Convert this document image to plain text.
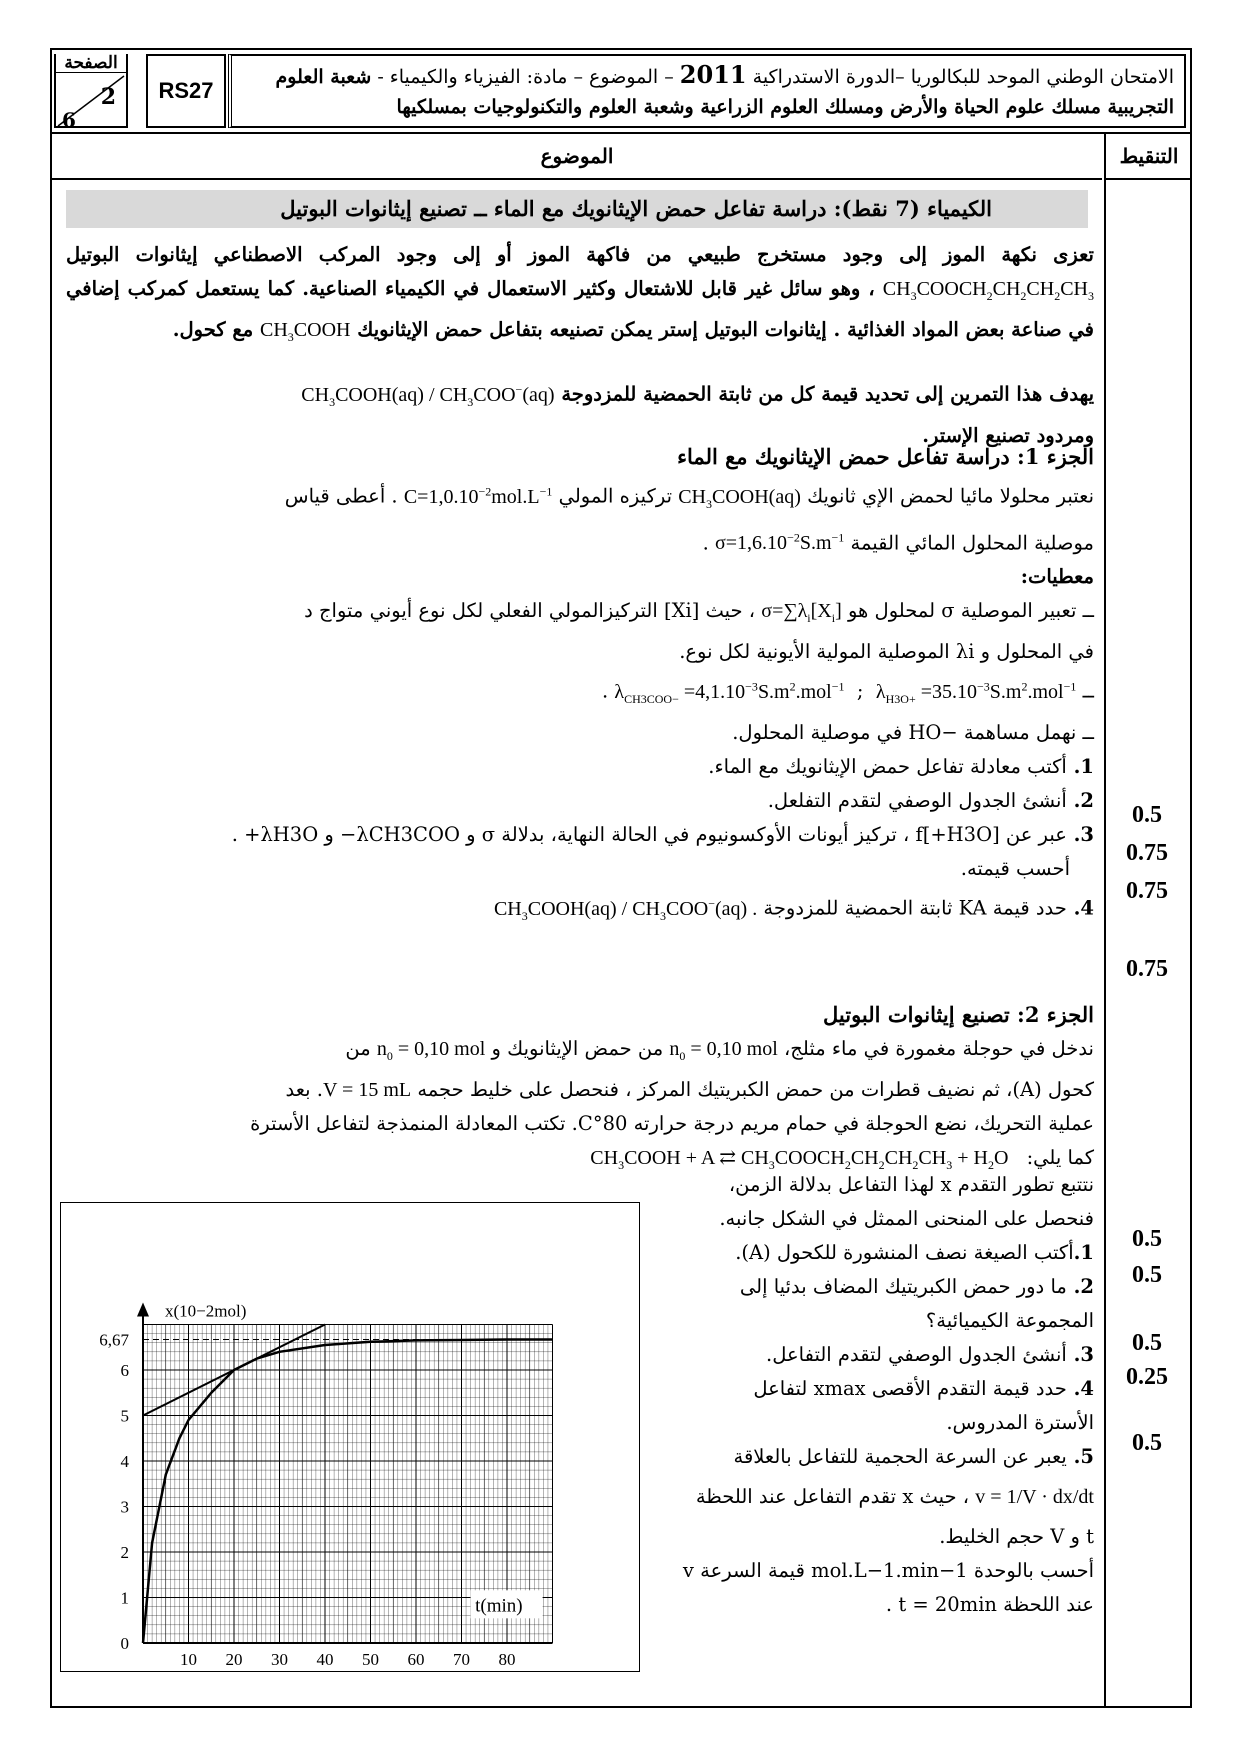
الصفحة
2
6
RS27
الامتحان الوطني الموحد للبكالوريا –الدورة الاستدراكية 2011 – الموضوع – مادة: الفيزياء والكيمياء - شعبة العلوم
التجريبية مسلك علوم الحياة والأرض ومسلك العلوم الزراعية وشعبة العلوم والتكنولوجيات بمسلكيها
الموضوع	التنقيط
الكيمياء (7 نقط): دراسة تفاعل حمض الإيثانويك مع الماء ــ تصنيع إيثانوات البوتيل
تعزى نكهة الموز إلى وجود مستخرج طبيعي من فاكهة الموز أو إلى وجود المركب الاصطناعي إيثانوات البوتيل $CH_3COOCH_2CH_2CH_2CH_3$ ، وهو سائل غير قابل للاشتعال وكثير الاستعمال في الكيمياء الصناعية. كما يستعمل كمركب إضافي في صناعة بعض المواد الغذائية . إيثانوات البوتيل إستر يمكن تصنيعه بتفاعل حمض الإيثانويك $CH_3COOH$ مع كحول.
يهدف هذا التمرين إلى تحديد قيمة كل من ثابتة الحمضية للمزدوجة $CH_3COOH(aq) / CH_3COO^-(aq)$
ومردود تصنيع الإستر.
الجزء 1: دراسة تفاعل حمض الإيثانويك مع الماء
نعتبر محلولا مائيا لحمض الإي ثانويك $CH_3COOH(aq)$ تركيزه المولي $C=1,0.10^{-2}mol.L^{-1}$ . أعطى قياس
موصلية المحلول المائي القيمة $\sigma=1,6.10^{-2}S.m^{-1}$ .
معطيات:
ــ تعبير الموصلية σ لمحلول هو $\sigma=\sum\lambda_i[X_i]$ ، حيث [Xi] التركيزالمولي الفعلي لكل نوع أيوني متواج د
في المحلول و λi الموصلية المولية الأيونية لكل نوع.
ــ $\lambda_{CH3COO-} =4,1.10^{-3}S.m^2.mol^{-1}$  ;  $\lambda_{H3O+} =35.10^{-3}S.m^2.mol^{-1}$ .
ــ نهمل مساهمة −HO في موصلية المحلول.
1. أكتب معادلة تفاعل حمض الإيثانويك مع الماء.
2. أنشئ الجدول الوصفي لتقدم التفلعل.
3. عبر عن [H3O+]f ، تركيز أيونات الأوكسونيوم في الحالة النهاية، بدلالة σ و λCH3COO− و λH3O+ .
أحسب قيمته.
4. حدد قيمة KA ثابتة الحمضية للمزدوجة $CH_3COOH(aq) / CH_3COO^-(aq)$ .
الجزء 2: تصنيع إيثانوات البوتيل
ندخل في حوجلة مغمورة في ماء مثلج، $n_0 = 0,10$ mol من حمض الإيثانويك و $n_0 = 0,10$ mol من
كحول (A)، ثم نضيف قطرات من حمض الكبريتيك المركز ، فنحصل على خليط حجمه V = 15 mL. بعد
عملية التحريك، نضع الحوجلة في حمام مريم درجة حرارته 80°C. تكتب المعادلة المنمذجة لتفاعل الأسترة
كما يلي: $CH_3COOH + A$ ⇄ $CH_3COOCH_2CH_2CH_2CH_3 + H_2O$
نتتبع تطور التقدم x لهذا التفاعل بدلالة الزمن،
فنحصل على المنحنى الممثل في الشكل جانبه.
1.أكتب الصيغة نصف المنشورة للكحول (A).
2. ما دور حمض الكبريتيك المضاف بدئيا إلى
المجموعة الكيميائية؟
3. أنشئ الجدول الوصفي لتقدم التفاعل.
4. حدد قيمة التقدم الأقصى xmax لتفاعل
الأسترة المدروس.
5. يعبر عن السرعة الحجمية للتفاعل بالعلاقة
v = 1/V · dx/dt ، حيث x تقدم التفاعل عند اللحظة
t و V حجم الخليط.
أحسب بالوحدة mol.L−1.min−1 قيمة السرعة v
عند اللحظة t = 20min .
x(10−2mol)
t(min)
10 20 30 40 50 60 70 80
0
1
2
3
4
5
6
6,67
0.5
0.75
0.75
0.75
0.5
0.5
0.5
0.25
0.5
